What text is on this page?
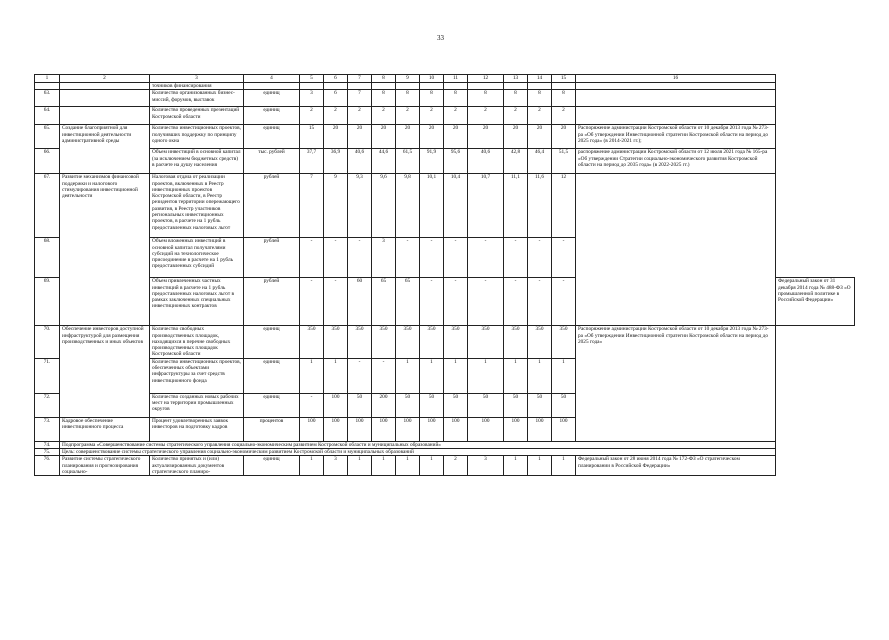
33
1	2	3	4	5	6	7	8	9	10	11	12	13	14	15	16	
		точников финансирования														
63.		Количество организованных бизнес-миссий, форумов, выставок	единиц	3	6	7	8	8	8	8	8	8	8	8		
64.		Количество проведенных презентаций Костромской области	единиц	2	2	2	2	2	2	2	2	2	2	2		
65.	Создание благоприятной для инвестиционной деятельности административной среды	Количество инвестиционных проектов, получивших поддержку по принципу одного окна	единиц	15	20	20	20	20	20	20	20	20	20	20	Распоряжение администрации Костромской области от 10 декабря 2013 года № 273-ра «Об утверждении Инвестиционной стратегии Костромской области на период до 2025 года» (в 2014-2021 гг.);	
66.		Объем инвестиций в основной капитал (за исключением бюджетных средств) в расчете на душу населения	тыс. рублей	37,7	36,9	40,6	44,6	61,5	91,9	95,6	40,6	42,8	46,4	51,5	распоряжение администрации Костромской области от 12 июля 2021 года № 165-ра «Об утверждении Стратегии социально-экономического развития Костромской области на период до 2035 года» (в 2022-2025 гг.)	
67.	Развитие механизмов финансовой поддержки и налогового стимулирования инвестиционной деятельности	Налоговая отдача от реализации проектов, включенных в Реестр инвестиционных проектов Костромской области, в Реестр резидентов территории опережающего развития, в Реестр участников региональных инвестиционных проектов, в расчете на 1 рубль предоставленных налоговых льгот	рублей	7	9	9,3	9,6	9,8	10,1	10,4	10,7	11,1	11,6	12		
68.		Объем вложенных инвестиций в основной капитал получателями субсидий на технологическое присоединение в расчете на 1 рубль предоставленных субсидий	рублей	-	-	-	3	-	-	-	-	-	-	-		
69.		Объем привлеченных частных инвестиций в расчете на 1 рубль предоставленных налоговых льгот в рамках заключенных специальных инвестиционных контрактов	рублей	-	-	60	65	65	-	-	-	-	-	-		Федеральный закон от 31 декабря 2014 года № 488-ФЗ «О промышленной политике в Российской Федерации»
70.	Обеспечение инвесторов доступной инфраструктурой для размещения производственных и иных объектов	Количество свободных производственных площадок, находящихся в перечне свободных производственных площадок Костромской области	единиц	350	350	350	350	350	350	350	350	350	350	350	Распоряжение администрации Костромской области от 10 декабря 2013 года № 273-ра «Об утверждении Инвестиционной стратегии Костромской области на период до 2025 года»	
71.		Количество инвестиционных проектов, обеспеченных объектами инфраструктуры за счет средств инвестиционного фонда	единиц	1	1	-	-	1	1	1	1	1	1	1		
72.		Количество созданных новых рабочих мест на территории промышленных округов	единиц	-	100	50	200	50	50	50	50	50	50	50		
73.	Кадровое обеспечение инвестиционного процесса	Процент удовлетворенных заявок инвесторов на подготовку кадров	процентов	100	100	100	100	100	100	100	100	100	100	100		
74.	Подпрограмма «Совершенствование системы стратегического управления социально-экономическим развитием Костромской области и муниципальных образований»															
75.	Цель: совершенствование системы стратегического управления социально-экономическим развитием Костромской области и муниципальных образований															
76.	Развитие системы стратегического планирования и прогнозирования социально-	Количество принятых и (или) актуализированных документов стратегического планиро-	единиц	1	3	1	1	1	1	2	3	1	1	1	Федеральный закон от 28 июня 2014 года № 172-ФЗ «О стратегическом планировании в Российской Федерации»	
